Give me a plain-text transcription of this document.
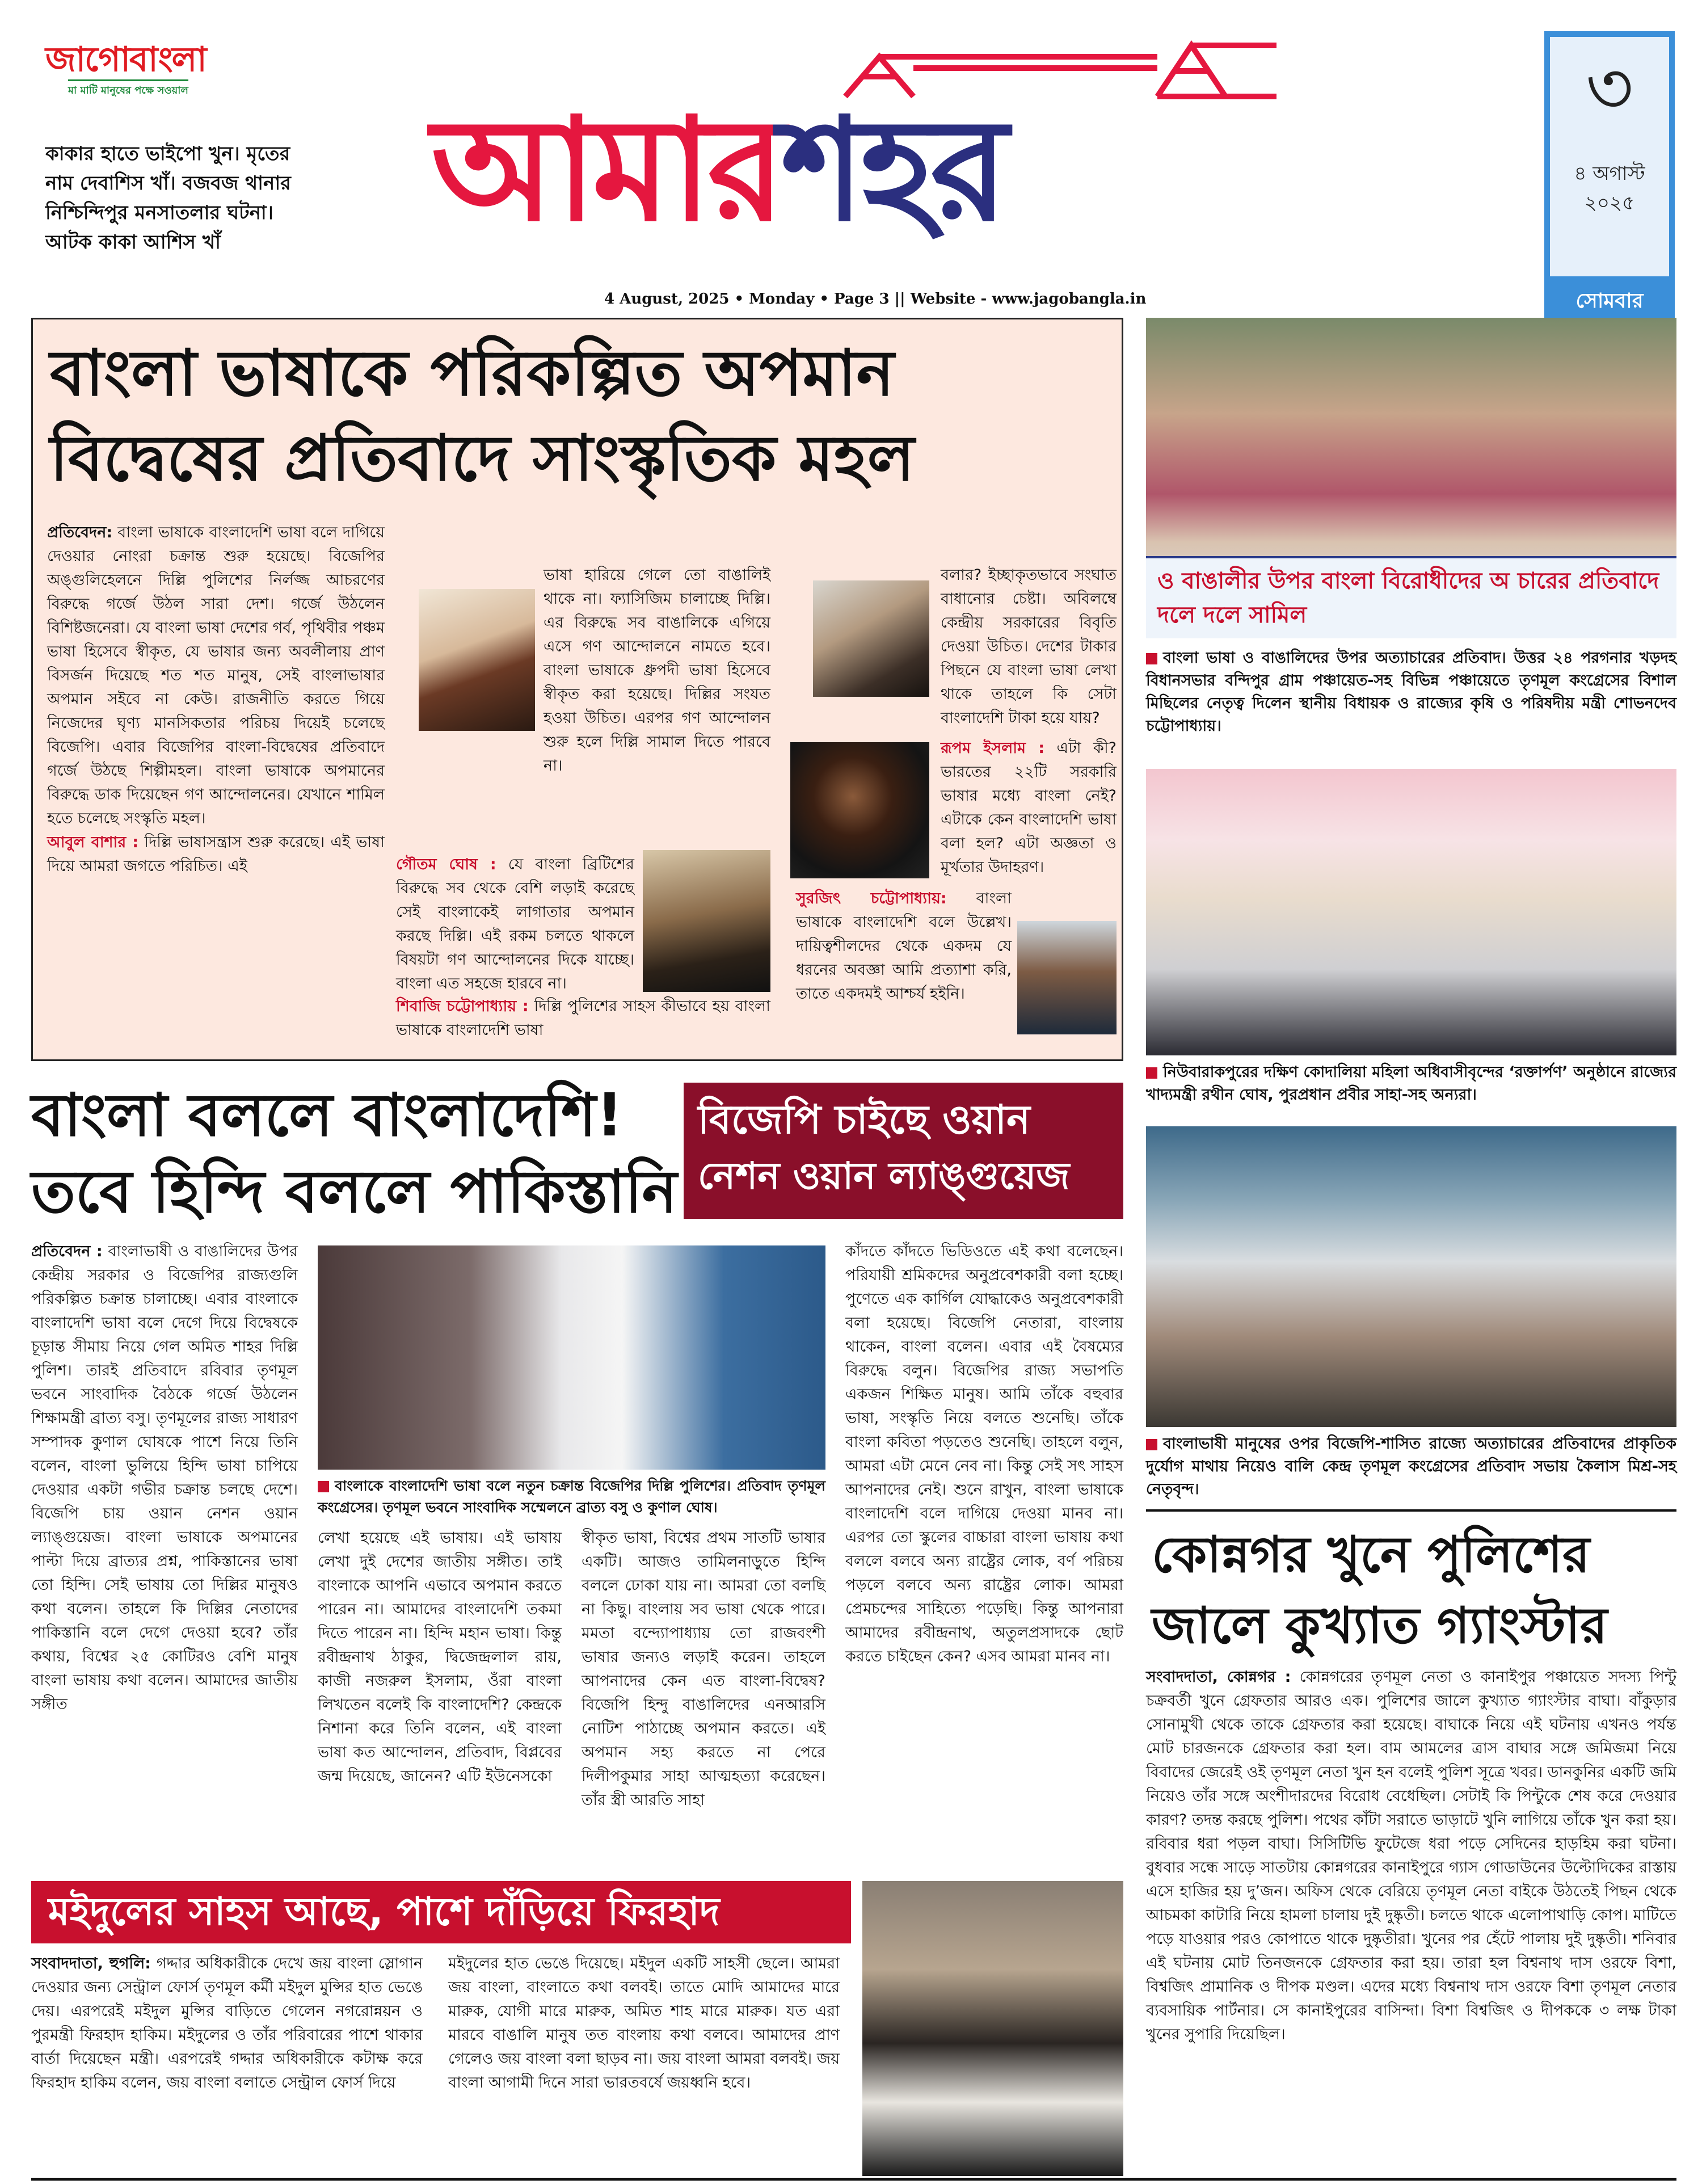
জাগোবাংলা
মা মাটি মানুষের পক্ষে সওয়াল
কাকার হাতে ভাইপো খুন। মৃতের নাম দেবাশিস খাঁ। বজবজ থানার নিশ্চিন্দিপুর মনসাতলার ঘটনা। আটক কাকা আশিস খাঁ	আমারশহর
4 August, 2025 • Monday • Page 3 || Website - www.jagobangla.in
৩
৪ অগাস্ট
২০২৫
সোমবার
বাংলা ভাষাকে পরিকল্পিত অপমান
বিদ্বেষের প্রতিবাদে সাংস্কৃতিক মহল
প্রতিবেদন: বাংলা ভাষাকে বাংলাদেশি ভাষা বলে দাগিয়ে দেওয়ার নোংরা চক্রান্ত শুরু হয়েছে। বিজেপির অঙ্গুলিহেলনে দিল্লি পুলিশের নির্লজ্জ আচরণের বিরুদ্ধে গর্জে উঠল সারা দেশ। গর্জে উঠলেন বিশিষ্টজনেরা। যে বাংলা ভাষা দেশের গর্ব, পৃথিবীর পঞ্চম ভাষা হিসেবে স্বীকৃত, যে ভাষার জন্য অবলীলায় প্রাণ বিসর্জন দিয়েছে শত শত মানুষ, সেই বাংলাভাষার অপমান সইবে না কেউ। রাজনীতি করতে গিয়ে নিজেদের ঘৃণ্য মানসিকতার পরিচয় দিয়েই চলেছে বিজেপি। এবার বিজেপির বাংলা-বিদ্বেষের প্রতিবাদে গর্জে উঠছে শিল্পীমহল। বাংলা ভাষাকে অপমানের বিরুদ্ধে ডাক দিয়েছেন গণ আন্দোলনের। যেখানে শামিল হতে চলেছে সংস্কৃতি মহল।
আবুল বাশার : দিল্লি ভাষাসন্ত্রাস শুরু করেছে। এই ভাষা দিয়ে আমরা জগতে পরিচিত। এই
ভাষা হারিয়ে গেলে তো বাঙালিই থাকে না। ফ্যাসিজিম চালাচ্ছে দিল্লি। এর বিরুদ্ধে সব বাঙালিকে এগিয়ে এসে গণ আন্দোলনে নামতে হবে। বাংলা ভাষাকে ধ্রুপদী ভাষা হিসেবে স্বীকৃত করা হয়েছে। দিল্লির সংযত হওয়া উচিত। এরপর গণ আন্দোলন শুরু হলে দিল্লি সামাল দিতে পারবে না।
গৌতম ঘোষ : যে বাংলা ব্রিটিশের বিরুদ্ধে সব থেকে বেশি লড়াই করেছে সেই বাংলাকেই লাগাতার অপমান করছে দিল্লি। এই রকম চলতে থাকলে বিষয়টা গণ আন্দোলনের দিকে যাচ্ছে। বাংলা এত সহজে হারবে না।
শিবাজি চট্টোপাধ্যায় : দিল্লি পুলিশের সাহস কীভাবে হয় বাংলা ভাষাকে বাংলাদেশি ভাষা
বলার? ইচ্ছাকৃতভাবে সংঘাত বাধানোর চেষ্টা। অবিলম্বে কেন্দ্রীয় সরকারের বিবৃতি দেওয়া উচিত। দেশের টাকার পিছনে যে বাংলা ভাষা লেখা থাকে তাহলে কি সেটা বাংলাদেশি টাকা হয়ে যায়?
রূপম ইসলাম : এটা কী? ভারতের ২২টি সরকারি ভাষার মধ্যে বাংলা নেই? এটাকে কেন বাংলাদেশি ভাষা বলা হল? এটা অজ্ঞতা ও মূর্খতার উদাহরণ।
সুরজিৎ চট্টোপাধ্যায়: বাংলা ভাষাকে বাংলাদেশি বলে উল্লেখ। দায়িত্বশীলদের থেকে একদম যে ধরনের অবজ্ঞা আমি প্রত্যাশা করি, তাতে একদমই আশ্চর্য হইনি।
ও বাঙালীর উপর বাংলা বিরোধীদের অ চারের প্রতিবাদে দলে দলে সামিল
বাংলা ভাষা ও বাঙালিদের উপর অত্যাচারের প্রতিবাদ। উত্তর ২৪ পরগনার খড়দহ বিধানসভার বন্দিপুর গ্রাম পঞ্চায়েত-সহ বিভিন্ন পঞ্চায়েতে তৃণমূল কংগ্রেসের বিশাল মিছিলের নেতৃত্ব দিলেন স্থানীয় বিধায়ক ও রাজ্যের কৃষি ও পরিষদীয় মন্ত্রী শোভনদেব চট্টোপাধ্যায়।
নিউবারাকপুরের দক্ষিণ কোদালিয়া মহিলা অধিবাসীবৃন্দের ‘রক্তার্পণ’ অনুষ্ঠানে রাজ্যের খাদ্যমন্ত্রী রথীন ঘোষ, পুরপ্রধান প্রবীর সাহা-সহ অন্যরা।
বাংলাভাষী মানুষের ওপর বিজেপি-শাসিত রাজ্যে অত্যাচারের প্রতিবাদের প্রাকৃতিক দুর্যোগ মাথায় নিয়েও বালি কেন্দ্র তৃণমূল কংগ্রেসের প্রতিবাদ সভায় কৈলাস মিশ্র-সহ নেতৃবৃন্দ।
বাংলা বললে বাংলাদেশি!
তবে হিন্দি বললে পাকিস্তানি
বিজেপি চাইছে ওয়ান
নেশন ওয়ান ল্যাঙ্গুয়েজ
প্রতিবেদন : বাংলাভাষী ও বাঙালিদের উপর কেন্দ্রীয় সরকার ও বিজেপির রাজ্যগুলি পরিকল্পিত চক্রান্ত চালাচ্ছে। এবার বাংলাকে বাংলাদেশি ভাষা বলে দেগে দিয়ে বিদ্বেষকে চূড়ান্ত সীমায় নিয়ে গেল অমিত শাহর দিল্লি পুলিশ। তারই প্রতিবাদে রবিবার তৃণমূল ভবনে সাংবাদিক বৈঠকে গর্জে উঠলেন শিক্ষামন্ত্রী ব্রাত্য বসু। তৃণমূলের রাজ্য সাধারণ সম্পাদক কুণাল ঘোষকে পাশে নিয়ে তিনি বলেন, বাংলা ভুলিয়ে হিন্দি ভাষা চাপিয়ে দেওয়ার একটা গভীর চক্রান্ত চলছে দেশে। বিজেপি চায় ওয়ান নেশন ওয়ান ল্যাঙ্গুয়েজ। বাংলা ভাষাকে অপমানের পাল্টা দিয়ে ব্রাত্যর প্রশ্ন, পাকিস্তানের ভাষা তো হিন্দি। সেই ভাষায় তো দিল্লির মানুষও কথা বলেন। তাহলে কি দিল্লির নেতাদের পাকিস্তানি বলে দেগে দেওয়া হবে? তাঁর কথায়, বিশ্বের ২৫ কোটিরও বেশি মানুষ বাংলা ভাষায় কথা বলেন। আমাদের জাতীয় সঙ্গীত
বাংলাকে বাংলাদেশি ভাষা বলে নতুন চক্রান্ত বিজেপির দিল্লি পুলিশের। প্রতিবাদ তৃণমূল কংগ্রেসের। তৃণমূল ভবনে সাংবাদিক সম্মেলনে ব্রাত্য বসু ও কুণাল ঘোষ।
লেখা হয়েছে এই ভাষায়। এই ভাষায় লেখা দুই দেশের জাতীয় সঙ্গীত। তাই বাংলাকে আপনি এভাবে অপমান করতে পারেন না। আমাদের বাংলাদেশি তকমা দিতে পারেন না। হিন্দি মহান ভাষা। কিন্তু রবীন্দ্রনাথ ঠাকুর, দ্বিজেন্দ্রলাল রায়, কাজী নজরুল ইসলাম, ওঁরা বাংলা লিখতেন বলেই কি বাংলাদেশি? কেন্দ্রকে নিশানা করে তিনি বলেন, এই বাংলা ভাষা কত আন্দোলন, প্রতিবাদ, বিপ্লবের জন্ম দিয়েছে, জানেন? এটি ইউনেসকো
স্বীকৃত ভাষা, বিশ্বের প্রথম সাতটি ভাষার একটি। আজও তামিলনাড়ুতে হিন্দি বললে ঢোকা যায় না। আমরা তো বলছি না কিছু। বাংলায় সব ভাষা থেকে পারে। মমতা বন্দ্যোপাধ্যায় তো রাজবংশী ভাষার জন্যও লড়াই করেন। তাহলে আপনাদের কেন এত বাংলা-বিদ্বেষ? বিজেপি হিন্দু বাঙালিদের এনআরসি নোটিশ পাঠাচ্ছে অপমান করতে। এই অপমান সহ্য করতে না পেরে দিলীপকুমার সাহা আত্মহত্যা করেছেন। তাঁর স্ত্রী আরতি সাহা
কাঁদতে কাঁদতে ভিডিওতে এই কথা বলেছেন। পরিযায়ী শ্রমিকদের অনুপ্রবেশকারী বলা হচ্ছে। পুণেতে এক কার্গিল যোদ্ধাকেও অনুপ্রবেশকারী বলা হয়েছে। বিজেপি নেতারা, বাংলায় থাকেন, বাংলা বলেন। এবার এই বৈষম্যের বিরুদ্ধে বলুন। বিজেপির রাজ্য সভাপতি একজন শিক্ষিত মানুষ। আমি তাঁকে বহুবার ভাষা, সংস্কৃতি নিয়ে বলতে শুনেছি। তাঁকে বাংলা কবিতা পড়তেও শুনেছি। তাহলে বলুন, আমরা এটা মেনে নেব না। কিন্তু সেই সৎ সাহস আপনাদের নেই। শুনে রাখুন, বাংলা ভাষাকে বাংলাদেশি বলে দাগিয়ে দেওয়া মানব না। এরপর তো স্কুলের বাচ্চারা বাংলা ভাষায় কথা বললে বলবে অন্য রাষ্ট্রের লোক, বর্ণ পরিচয় পড়লে বলবে অন্য রাষ্ট্রের লোক। আমরা প্রেমচন্দের সাহিত্যে পড়েছি। কিন্তু আপনারা আমাদের রবীন্দ্রনাথ, অতুলপ্রসাদকে ছোট করতে চাইছেন কেন? এসব আমরা মানব না।
কোন্নগর খুনে পুলিশের
জালে কুখ্যাত গ্যাংস্টার
সংবাদদাতা, কোন্নগর : কোন্নগরের তৃণমূল নেতা ও কানাইপুর পঞ্চায়েত সদস্য পিন্টু চক্রবর্তী খুনে গ্রেফতার আরও এক। পুলিশের জালে কুখ্যাত গ্যাংস্টার বাঘা। বাঁকুড়ার সোনামুখী থেকে তাকে গ্রেফতার করা হয়েছে। বাঘাকে নিয়ে এই ঘটনায় এখনও পর্যন্ত মোট চারজনকে গ্রেফতার করা হল। বাম আমলের ত্রাস বাঘার সঙ্গে জমিজমা নিয়ে বিবাদের জেরেই ওই তৃণমূল নেতা খুন হন বলেই পুলিশ সূত্রে খবর। ডানকুনির একটি জমি নিয়েও তাঁর সঙ্গে অংশীদারদের বিরোধ বেধেছিল। সেটাই কি পিন্টুকে শেষ করে দেওয়ার কারণ? তদন্ত করছে পুলিশ। পথের কাঁটা সরাতে ভাড়াটে খুনি লাগিয়ে তাঁকে খুন করা হয়। রবিবার ধরা পড়ল বাঘা। সিসিটিভি ফুটেজে ধরা পড়ে সেদিনের হাড়হিম করা ঘটনা। বুধবার সন্ধে সাড়ে সাতটায় কোন্নগরের কানাইপুরে গ্যাস গোডাউনের উল্টোদিকের রাস্তায় এসে হাজির হয় দু’জন। অফিস থেকে বেরিয়ে তৃণমূল নেতা বাইকে উঠতেই পিছন থেকে আচমকা কাটারি নিয়ে হামলা চালায় দুই দুষ্কৃতী। চলতে থাকে এলোপাথাড়ি কোপ। মাটিতে পড়ে যাওয়ার পরও কোপাতে থাকে দুষ্কৃতীরা। খুনের পর হেঁটে পালায় দুই দুষ্কৃতী। শনিবার এই ঘটনায় মোট তিনজনকে গ্রেফতার করা হয়। তারা হল বিশ্বনাথ দাস ওরফে বিশা, বিশ্বজিৎ প্রামানিক ও দীপক মণ্ডল। এদের মধ্যে বিশ্বনাথ দাস ওরফে বিশা তৃণমূল নেতার ব্যবসায়িক পার্টনার। সে কানাইপুরের বাসিন্দা। বিশা বিশ্বজিৎ ও দীপককে ৩ লক্ষ টাকা খুনের সুপারি দিয়েছিল।
মইদুলের সাহস আছে, পাশে দাঁড়িয়ে ফিরহাদ
সংবাদদাতা, হুগলি: গদ্দার অধিকারীকে দেখে জয় বাংলা স্লোগান দেওয়ার জন্য সেন্ট্রাল ফোর্স তৃণমূল কর্মী মইদুল মুন্সির হাত ভেঙে দেয়। এরপরেই মইদুল মুন্সির বাড়িতে গেলেন নগরোন্নয়ন ও পুরমন্ত্রী ফিরহাদ হাকিম। মইদুলের ও তাঁর পরিবারের পাশে থাকার বার্তা দিয়েছেন মন্ত্রী। এরপরেই গদ্দার অধিকারীকে কটাক্ষ করে ফিরহাদ হাকিম বলেন, জয় বাংলা বলাতে সেন্ট্রাল ফোর্স দিয়ে
মইদুলের হাত ভেঙে দিয়েছে। মইদুল একটি সাহসী ছেলে। আমরা জয় বাংলা, বাংলাতে কথা বলবই। তাতে মোদি আমাদের মারে মারুক, যোগী মারে মারুক, অমিত শাহ মারে মারুক। যত এরা মারবে বাঙালি মানুষ তত বাংলায় কথা বলবে। আমাদের প্রাণ গেলেও জয় বাংলা বলা ছাড়ব না। জয় বাংলা আমরা বলবই। জয় বাংলা আগামী দিনে সারা ভারতবর্ষে জয়ধ্বনি হবে।
